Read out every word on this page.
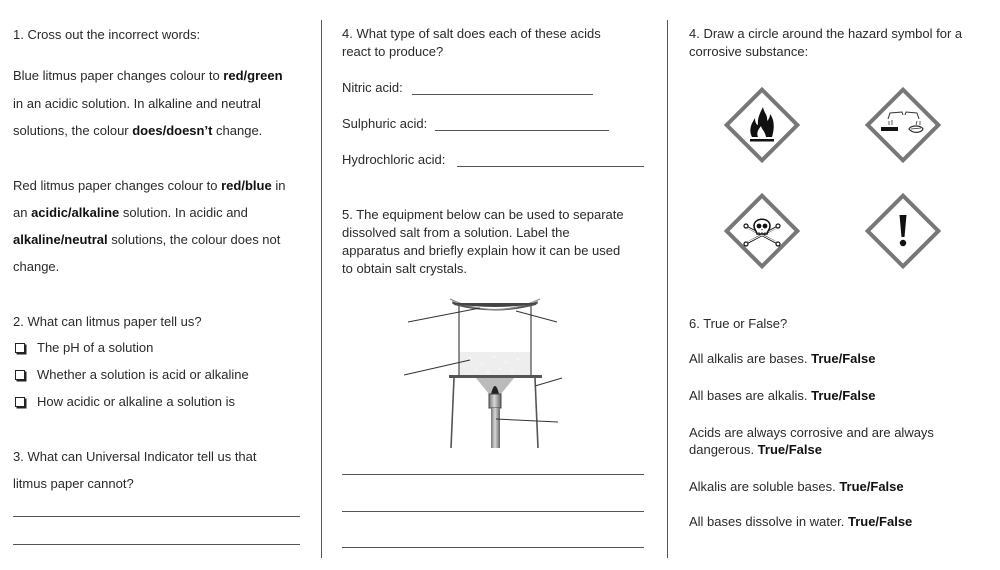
1. Cross out the incorrect words:
Blue litmus paper changes colour to red/green
in an acidic solution. In alkaline and neutral
solutions, the colour does/doesn’t change.
Red litmus paper changes colour to red/blue in
an acidic/alkaline solution. In acidic and
alkaline/neutral solutions, the colour does not
change.
2. What can litmus paper tell us?
The pH of a solution
Whether a solution is acid or alkaline
How acidic or alkaline a solution is
3. What can Universal Indicator tell us that
litmus paper cannot?
4. What type of salt does each of these acids
react to produce?
Nitric acid:
Sulphuric acid:
Hydrochloric acid:
5. The equipment below can be used to separate
dissolved salt from a solution. Label the
apparatus and briefly explain how it can be used
to obtain salt crystals.
4. Draw a circle around the hazard symbol for a
corrosive substance:
6. True or False?
All alkalis are bases. True/False
All bases are alkalis. True/False
Acids are always corrosive and are always
dangerous. True/False
Alkalis are soluble bases. True/False
All bases dissolve in water. True/False
